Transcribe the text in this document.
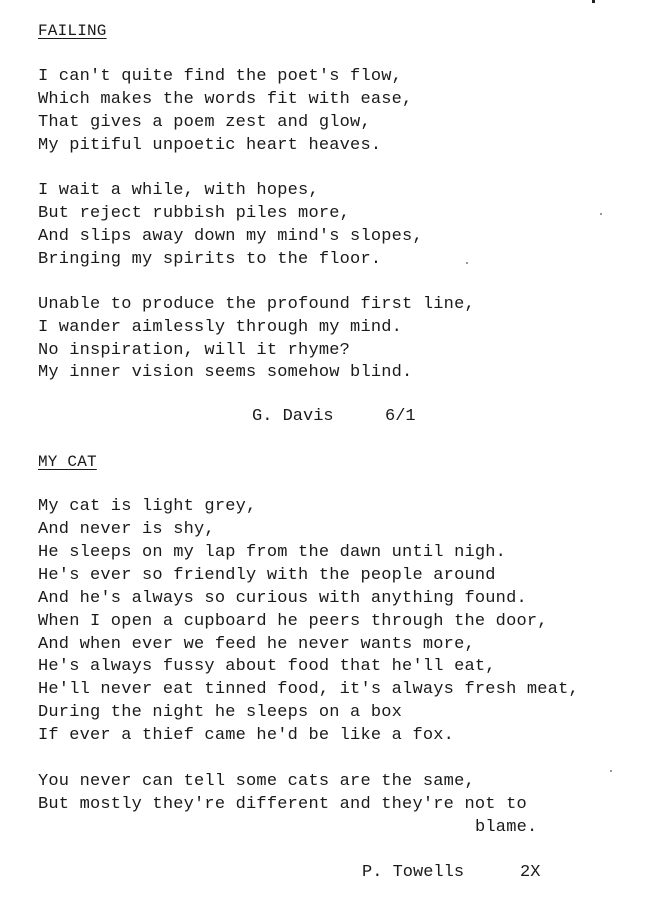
FAILING
I can't quite find the poet's flow,
Which makes the words fit with ease,
That gives a poem zest and glow,
My pitiful unpoetic heart heaves.
I wait a while, with hopes,
But reject rubbish piles more,
And slips away down my mind's slopes,
Bringing my spirits to the floor.
Unable to produce the profound first line,
I wander aimlessly through my mind.
No inspiration, will it rhyme?
My inner vision seems somehow blind.
G. Davis	6/1
MY CAT
My cat is light grey,
And never is shy,
He sleeps on my lap from the dawn until nigh.
He's ever so friendly with the people around
And he's always so curious with anything found.
When I open a cupboard he peers through the door,
And when ever we feed he never wants more,
He's always fussy about food that he'll eat,
He'll never eat tinned food, it's always fresh meat,
During the night he sleeps on a box
If ever a thief came he'd be like a fox.
You never can tell some cats are the same,
But mostly they're different and they're not to
blame.
P. Towells	2X
